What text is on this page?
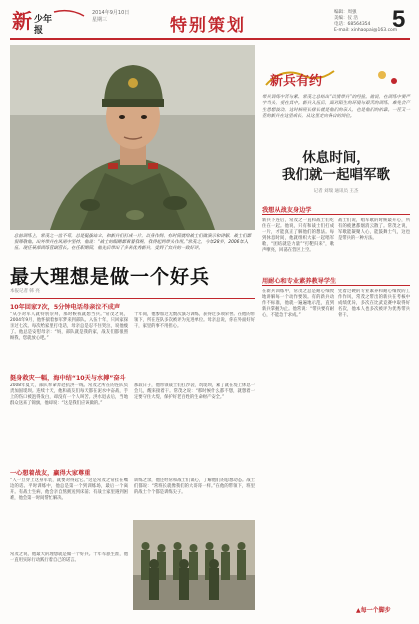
新 少年
报
2014年9月10日
星期三	特别策划
编辑：周强
美编：仪 浩
电话：68564354
E-mail: xinhaopai@163.com
5
新兵有约
带兵训练中苦与累、常茂之总结出“以情带兵”的经验。他说，在训练中要严字当头，爱在其中。新兵入伍后，面对陌生的环境与艰苦的训练，难免会产生思想波动，这时候班长排长就是他们的亲人，也是他们的依靠。一茬又一茬的新兵在这里成长，从这里走向各自的岗位。
休息时间，
我们就一起唱军歌
记者 刘瑞 通讯员 王杰
总前训练上，常茂之一丝不苟，总是挺拔站立，和新兵们打成一片，以身作则、有时间就给战士们做演示和讲解，战士们都很尊敬他。出外带兵在风雨中坚持，他说：“战士的眼睛都看着我呢，我得起到带头作用。”常茂之，今年28岁，2006年入伍，现任某部训练营副营长。在任职期间，他先后带出了多名优秀新兵，受到了官兵的一致好评。
最大理想是做一个好兵
本报记者 韩 亮
10年回家7次，5分钟电话母亲泣不成声
“从小对军人就特别崇拜，那时候我就想当兵。”常茂之说，2004年9月，他怀揣着参军梦来到部队。入伍十年，只回家探亲过七次。每次给家里打电话，母亲总是忍不住哭泣，说他瘦了。他总是安慰母亲：“妈，部队就是我的家，战友们都很照顾我，您就放心吧。”
十年间，他参加过无数次演习训练，获得过多项荣誉。在他的带领下，所在连队多次被评为先进单位。母亲总说，你在外面好好干，家里的事不用担心。
挺身救灾一幅，海中结“10天与水搏”奋斗
2008年夏天，部队奉命奔赴抗洪一线。常茂之所在的连队负责加固堤坝。连续十天，他和战友们每天都在泥水中奋战，手上的伤口被泡得发白，却没有一个人叫苦。洪水退去后，当地群众送来了锦旗，他却说：“这是我们应该做的。”
那段日子，他带领战士们扛沙袋、筑堤坝，累了就在堤上休息一会儿，醒来接着干。常茂之说：“那时候什么都不想，就想着一定要守住大堤，保护好老百姓的生命财产安全。”
一心想着战友，赢得大家尊重
“人一旦穿上这身军装，就要对得起它。”这是常茂之常挂在嘴边的话。平时训练中，他总是第一个到训练场，最后一个离开。有战士生病，他会亲自熬粥送到床前；有战士家里遇到困难，他会第一时间帮忙解决。
训练之余，他还经常和战士们谈心，了解他们的思想动态。战士们都说：“常班长就像我们的大哥哥一样。”在他的带领下，班里的战士个个都是训练尖子。
常茂之说，他最大的理想就是做一个好兵。十年军旅生涯，他一直用实际行动践行着自己的诺言。
我想从战友身边学
新兵下连后，常茂之一直和战士们吃住在一起。他说，只有和战士们打成一片，才能真正了解他们的想法。每到休息时间，他就组织大家一起唱军歌，“团结就是力量”“打靶归来”，歌声嘹亮，回荡在营区上空。
战士们说，唱军歌的时候最开心，所有的疲惫都烟消云散了。常茂之说，军歌能凝聚人心，能鼓舞士气，这也是带兵的一种方法。
用耐心和专业素养教导学生
在新兵训练中，常茂之总是耐心细致地讲解每一个动作要领。有的新兵动作不标准，他就一遍遍地示范，直到新兵掌握为止。他常说：“带兵要有耐心，不能急于求成。”
凭着过硬的专业素养和耐心细致的工作作风，常茂之带出的新兵在考核中成绩优异，多次在比武竞赛中取得好名次，他本人也多次被评为优秀带兵骨干。
▲每一个脚步
